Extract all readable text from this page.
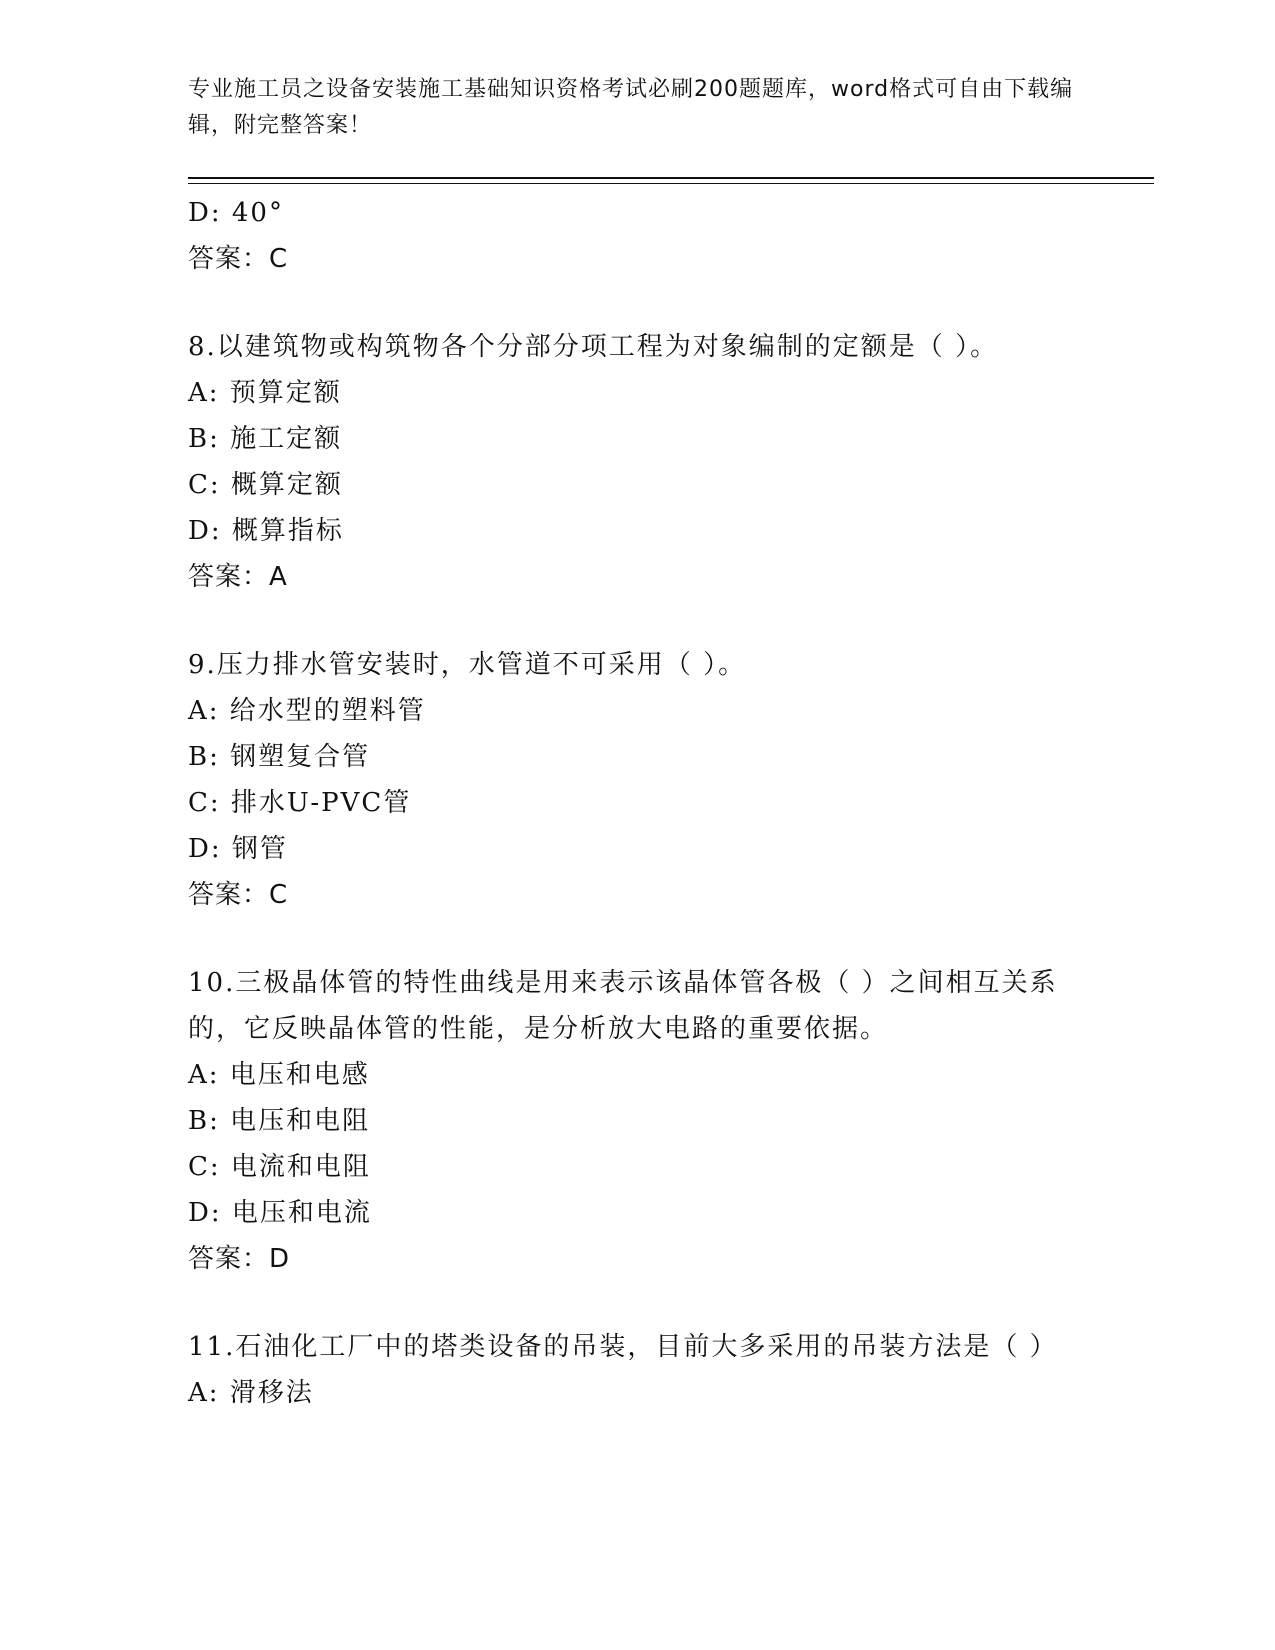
专业施工员之设备安装施工基础知识资格考试必刷200题题库，word格式可自由下载编辑，附完整答案！
D: 40°
答案：C
8.以建筑物或构筑物各个分部分项工程为对象编制的定额是（ ）。
A: 预算定额
B: 施工定额
C: 概算定额
D: 概算指标
答案：A
9.压力排水管安装时，水管道不可采用（ ）。
A: 给水型的塑料管
B: 钢塑复合管
C: 排水U-PVC管
D: 钢管
答案：C
10.三极晶体管的特性曲线是用来表示该晶体管各极（ ）之间相互关系的，它反映晶体管的性能，是分析放大电路的重要依据。
A: 电压和电感
B: 电压和电阻
C: 电流和电阻
D: 电压和电流
答案：D
11.石油化工厂中的塔类设备的吊装，目前大多采用的吊装方法是（ ）
A: 滑移法
